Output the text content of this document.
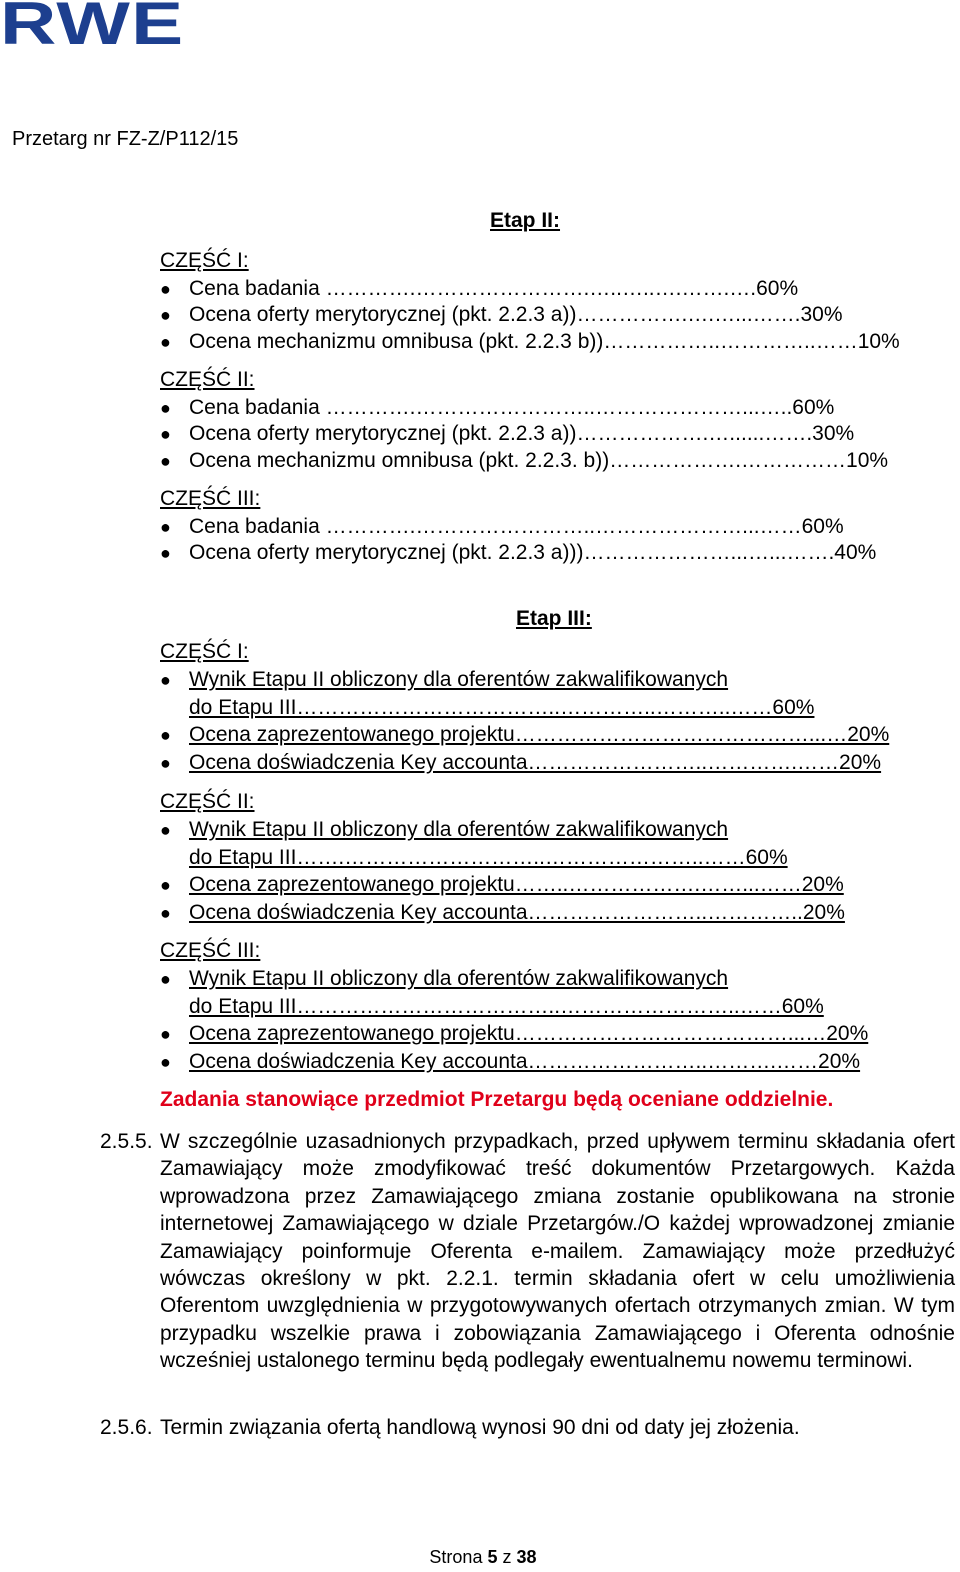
RWE
Przetarg nr FZ-Z/P112/15
Etap II:
CZĘŚĆ I:
● Cena badania ………….…………………….…..…..….…….….60%
● Ocena oferty merytorycznej (pkt. 2.2.3 a))…………….….…...…….30%
● Ocena mechanizmu omnibusa (pkt. 2.2.3 b))……………..…………..……10%
CZĘŚĆ II:
● Cena badania ………….……………………..…………………...…..60%
● Ocena oferty merytorycznej (pkt. 2.2.3 a))……………….…......…….30%
● Ocena mechanizmu omnibusa (pkt. 2.2.3. b))……………….……………10%
CZĘŚĆ III:
● Cena badania ………….……………………..…………………...……60%
● Ocena oferty merytorycznej (pkt. 2.2.3 a)))…………………...…...…….40%
Etap III:
CZĘŚĆ I:
● Wynik Etapu II obliczony dla oferentów zakwalifikowanych
do Etapu III………………………………..…………..………..……60%
● Ocena zaprezentowanego projektu……………………………………...…20%
● Ocena doświadczenia Key accounta……………………..………….……20%
CZĘŚĆ II:
● Wynik Etapu II obliczony dla oferentów zakwalifikowanych
do Etapu III…….………………………..…………………..……60%
● Ocena zaprezentowanego projektu……..……………….……...……20%
● Ocena doświadczenia Key accounta……………………..…………..20%
CZĘŚĆ III:
● Wynik Etapu II obliczony dla oferentów zakwalifikowanych
do Etapu III………………………………..……………………..……60%
● Ocena zaprezentowanego projektu…………………………………...…20%
● Ocena doświadczenia Key accounta……………………..……….……20%
Zadania stanowiące przedmiot Przetargu będą oceniane oddzielnie.
2.5.5. W szczególnie uzasadnionych przypadkach, przed upływem terminu składania ofert Zamawiający może zmodyfikować treść dokumentów Przetargowych. Każda wprowadzona przez Zamawiającego zmiana zostanie opublikowana na stronie internetowej Zamawiającego w dziale Przetargów./O każdej wprowadzonej zmianie Zamawiający poinformuje Oferenta e-mailem. Zamawiający może przedłużyć wówczas określony w pkt. 2.2.1. termin składania ofert w celu umożliwienia Oferentom uwzględnienia w przygotowywanych ofertach otrzymanych zmian. W tym przypadku wszelkie prawa i zobowiązania Zamawiającego i Oferenta odnośnie wcześniej ustalonego terminu będą podlegały ewentualnemu nowemu terminowi.
2.5.6. Termin związania ofertą handlową wynosi 90 dni od daty jej złożenia.
Strona 5 z 38
